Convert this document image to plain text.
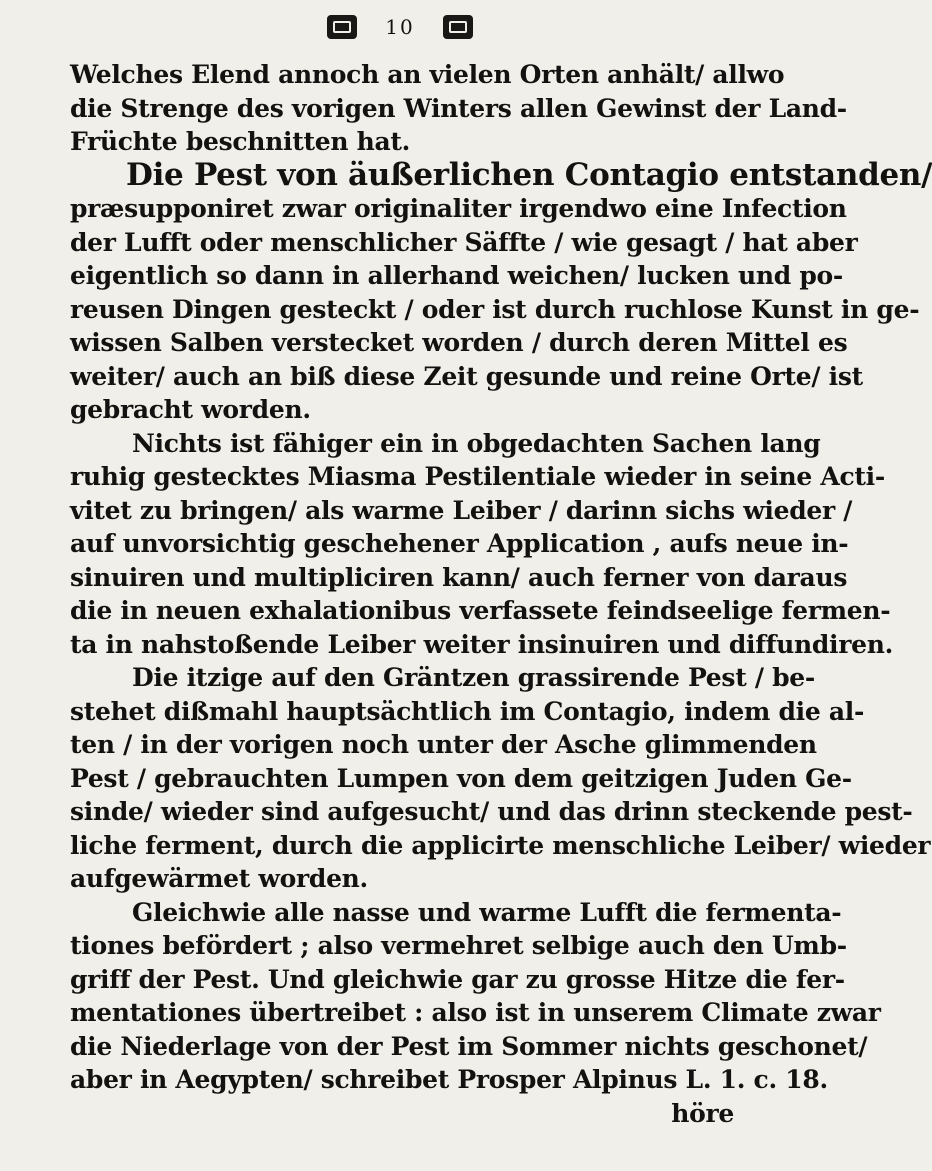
10
Welches Elend annoch an vielen Orten anhält/ allwo
die Strenge des vorigen Winters allen Gewinst der Land-
Früchte beschnitten hat.
Die Pest von äußerlichen Contagio entstanden/
præsupponiret zwar originaliter irgendwo eine Infection
der Lufft oder menschlicher Säffte / wie gesagt / hat aber
eigentlich so dann in allerhand weichen/ lucken und po-
reusen Dingen gesteckt / oder ist durch ruchlose Kunst in ge-
wissen Salben verstecket worden / durch deren Mittel es
weiter/ auch an biß diese Zeit gesunde und reine Orte/ ist
gebracht worden.
Nichts ist fähiger ein in obgedachten Sachen lang
ruhig gestecktes Miasma Pestilentiale wieder in seine Acti-
vitet zu bringen/ als warme Leiber / darinn sichs wieder /
auf unvorsichtig geschehener Application , aufs neue in-
sinuiren und multipliciren kann/ auch ferner von daraus
die in neuen exhalationibus verfassete feindseelige fermen-
ta in nahstoßende Leiber weiter insinuiren und diffundiren.
Die itzige auf den Gräntzen grassirende Pest / be-
stehet dißmahl hauptsächtlich im Contagio, indem die al-
ten / in der vorigen noch unter der Asche glimmenden
Pest / gebrauchten Lumpen von dem geitzigen Juden Ge-
sinde/ wieder sind aufgesucht/ und das drinn steckende pest-
liche ferment, durch die applicirte menschliche Leiber/ wieder
aufgewärmet worden.
Gleichwie alle nasse und warme Lufft die fermenta-
tiones befördert ; also vermehret selbige auch den Umb-
griff der Pest. Und gleichwie gar zu grosse Hitze die fer-
mentationes übertreibet : also ist in unserem Climate zwar
die Niederlage von der Pest im Sommer nichts geschonet/
aber in Aegypten/ schreibet Prosper Alpinus L. 1. c. 18.
höre
